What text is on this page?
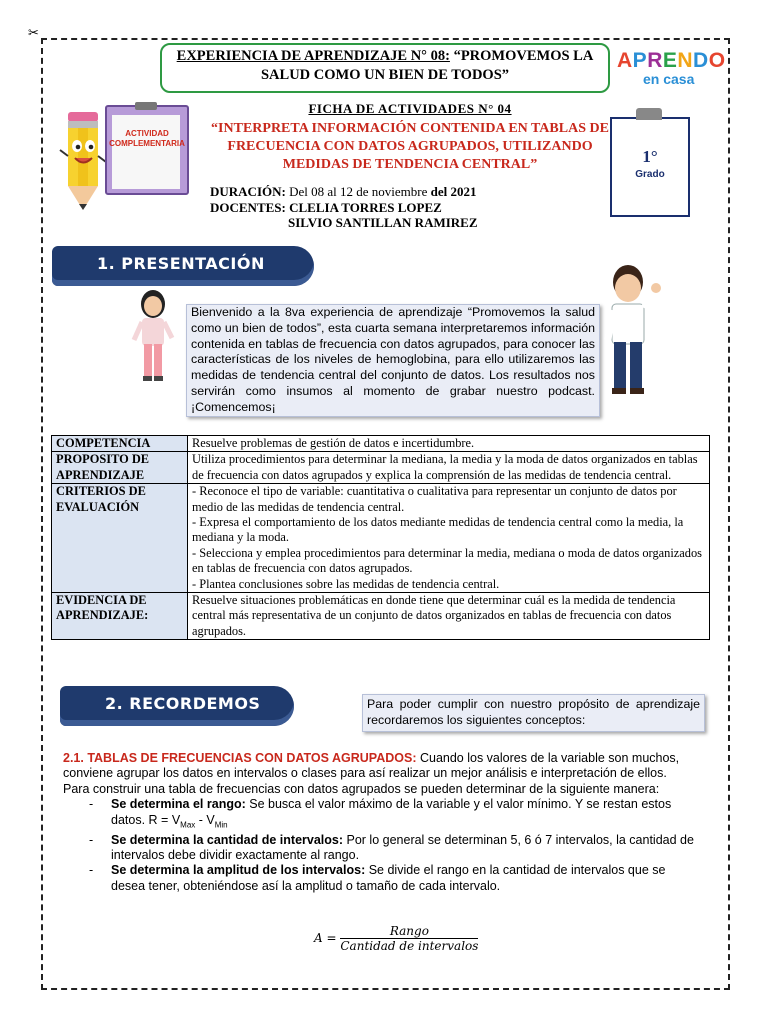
✂
EXPERIENCIA DE APRENDIZAJE N° 08: “PROMOVEMOS LA SALUD COMO UN BIEN DE TODOS”
APRENDO
en casa
ACTIVIDAD COMPLEMENTARIA
FICHA DE ACTIVIDADES N° 04
“INTERPRETA INFORMACIÓN CONTENIDA EN TABLAS DE FRECUENCIA CON DATOS AGRUPADOS, UTILIZANDO MEDIDAS DE TENDENCIA CENTRAL”	1°
Grado
DURACIÓN: Del 08 al 12 de noviembre del 2021
DOCENTES: CLELIA TORRES LOPEZ
SILVIO SANTILLAN RAMIREZ
1. PRESENTACIÓN
Bienvenido a la 8va experiencia de aprendizaje “Promovemos la salud como un bien de todos”, esta cuarta semana interpretaremos información contenida en tablas de frecuencia con datos agrupados, para conocer las características de los niveles de hemoglobina, para ello utilizaremos las medidas de tendencia central del conjunto de datos. Los resultados nos servirán como insumos al momento de grabar nuestro podcast. ¡Comencemos¡
COMPETENCIA	Resuelve problemas de gestión de datos e incertidumbre.
PROPOSITO DE APRENDIZAJE	Utiliza procedimientos para determinar la mediana, la media y la moda de datos organizados en tablas de frecuencia con datos agrupados y explica la comprensión de las medidas de tendencia central.
CRITERIOS DE EVALUACIÓN	- Reconoce el tipo de variable: cuantitativa o cualitativa para representar un conjunto de datos por medio de las medidas de tendencia central.
- Expresa el comportamiento de los datos mediante medidas de tendencia central como la media, la mediana y la moda.
- Selecciona y emplea procedimientos para determinar la media, mediana o moda de datos organizados en tablas de frecuencia con datos agrupados.
- Plantea conclusiones sobre las medidas de tendencia central.

EVIDENCIA DE APRENDIZAJE:	Resuelve situaciones problemáticas en donde tiene que determinar cuál es la medida de tendencia central más representativa de un conjunto de datos organizados en tablas de frecuencia con datos agrupados.
2. RECORDEMOS	Para poder cumplir con nuestro propósito de aprendizaje recordaremos los siguientes conceptos:
2.1. TABLAS DE FRECUENCIAS CON DATOS AGRUPADOS: Cuando los valores de la variable son muchos, conviene agrupar los datos en intervalos o clases para así realizar un mejor análisis e interpretación de ellos.
Para construir una tabla de frecuencias con datos agrupados se pueden determinar de la siguiente manera:
- Se determina el rango: Se busca el valor máximo de la variable y el valor mínimo. Y se restan estos datos. $R = V_{Max} - V_{Min}$
- Se determina la cantidad de intervalos: Por lo general se determinan 5, 6 ó 7 intervalos, la cantidad de intervalos debe dividir exactamente al rango.
- Se determina la amplitud de los intervalos: Se divide el rango en la cantidad de intervalos que se desea tener, obteniéndose así la amplitud o tamaño de cada intervalo.
A =	Rango
Cantidad de intervalos
